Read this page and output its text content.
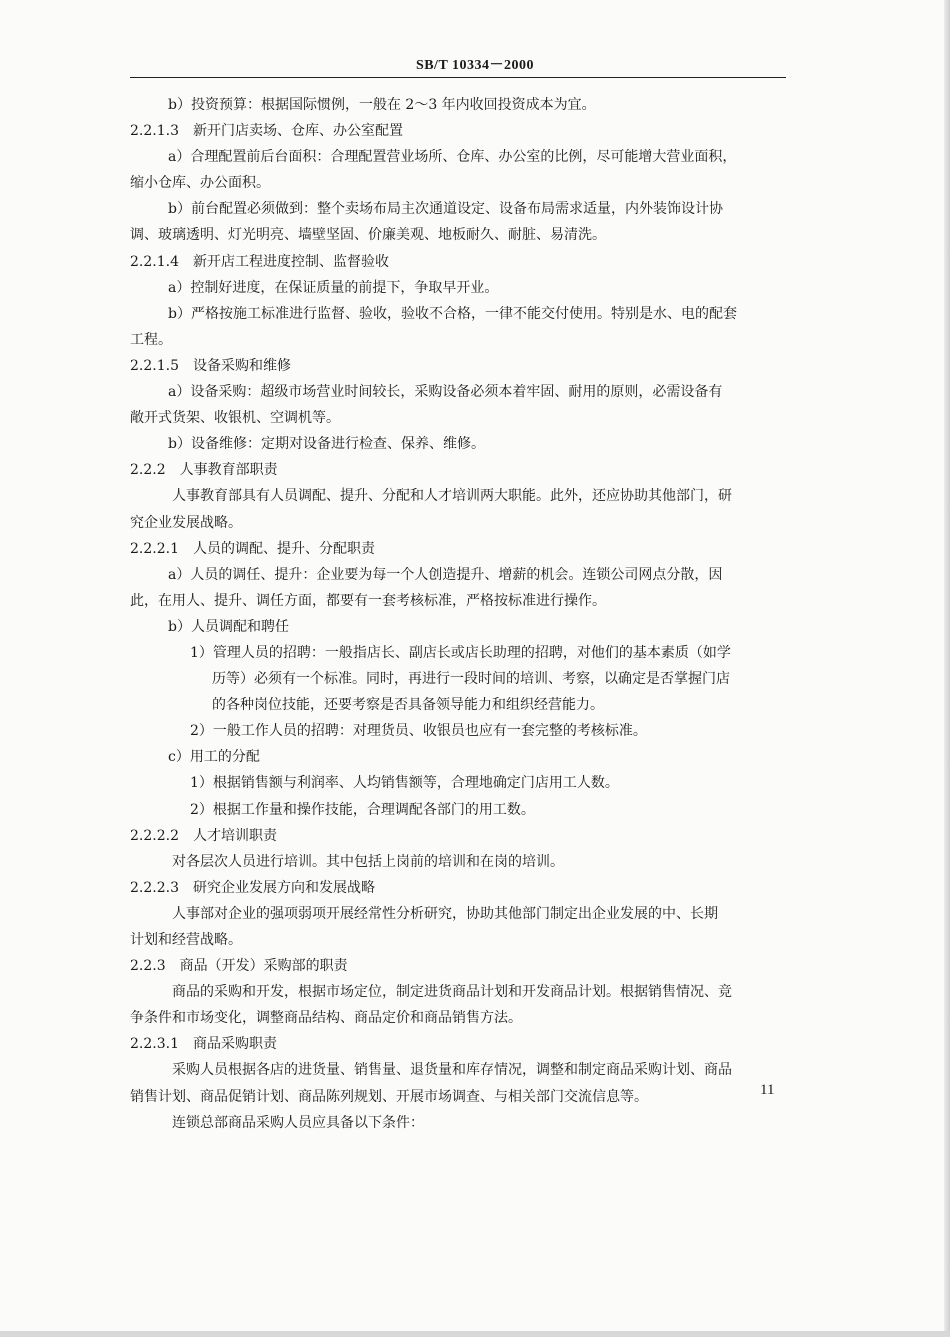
SB/T 10334－2000
b）投资预算：根据国际惯例，一般在 2～3 年内收回投资成本为宜。
2.2.1.3　新开门店卖场、仓库、办公室配置
a）合理配置前后台面积：合理配置营业场所、仓库、办公室的比例，尽可能增大营业面积，
缩小仓库、办公面积。
b）前台配置必须做到：整个卖场布局主次通道设定、设备布局需求适量，内外装饰设计协
调、玻璃透明、灯光明亮、墙壁坚固、价廉美观、地板耐久、耐脏、易清洗。
2.2.1.4　新开店工程进度控制、监督验收
a）控制好进度，在保证质量的前提下，争取早开业。
b）严格按施工标准进行监督、验收，验收不合格，一律不能交付使用。特别是水、电的配套
工程。
2.2.1.5　设备采购和维修
a）设备采购：超级市场营业时间较长，采购设备必须本着牢固、耐用的原则，必需设备有
敞开式货架、收银机、空调机等。
b）设备维修：定期对设备进行检查、保养、维修。
2.2.2　人事教育部职责
人事教育部具有人员调配、提升、分配和人才培训两大职能。此外，还应协助其他部门，研
究企业发展战略。
2.2.2.1　人员的调配、提升、分配职责
a）人员的调任、提升：企业要为每一个人创造提升、增薪的机会。连锁公司网点分散，因
此，在用人、提升、调任方面，都要有一套考核标准，严格按标准进行操作。
b）人员调配和聘任
1）管理人员的招聘：一般指店长、副店长或店长助理的招聘，对他们的基本素质（如学
历等）必须有一个标准。同时，再进行一段时间的培训、考察，以确定是否掌握门店
的各种岗位技能，还要考察是否具备领导能力和组织经营能力。
2）一般工作人员的招聘：对理货员、收银员也应有一套完整的考核标准。
c）用工的分配
1）根据销售额与利润率、人均销售额等，合理地确定门店用工人数。
2）根据工作量和操作技能，合理调配各部门的用工数。
2.2.2.2　人才培训职责
对各层次人员进行培训。其中包括上岗前的培训和在岗的培训。
2.2.2.3　研究企业发展方向和发展战略
人事部对企业的强项弱项开展经常性分析研究，协助其他部门制定出企业发展的中、长期
计划和经营战略。
2.2.3　商品（开发）采购部的职责
商品的采购和开发，根据市场定位，制定进货商品计划和开发商品计划。根据销售情况、竞
争条件和市场变化，调整商品结构、商品定价和商品销售方法。
2.2.3.1　商品采购职责
采购人员根据各店的进货量、销售量、退货量和库存情况，调整和制定商品采购计划、商品
销售计划、商品促销计划、商品陈列规划、开展市场调查、与相关部门交流信息等。
连锁总部商品采购人员应具备以下条件：
11
